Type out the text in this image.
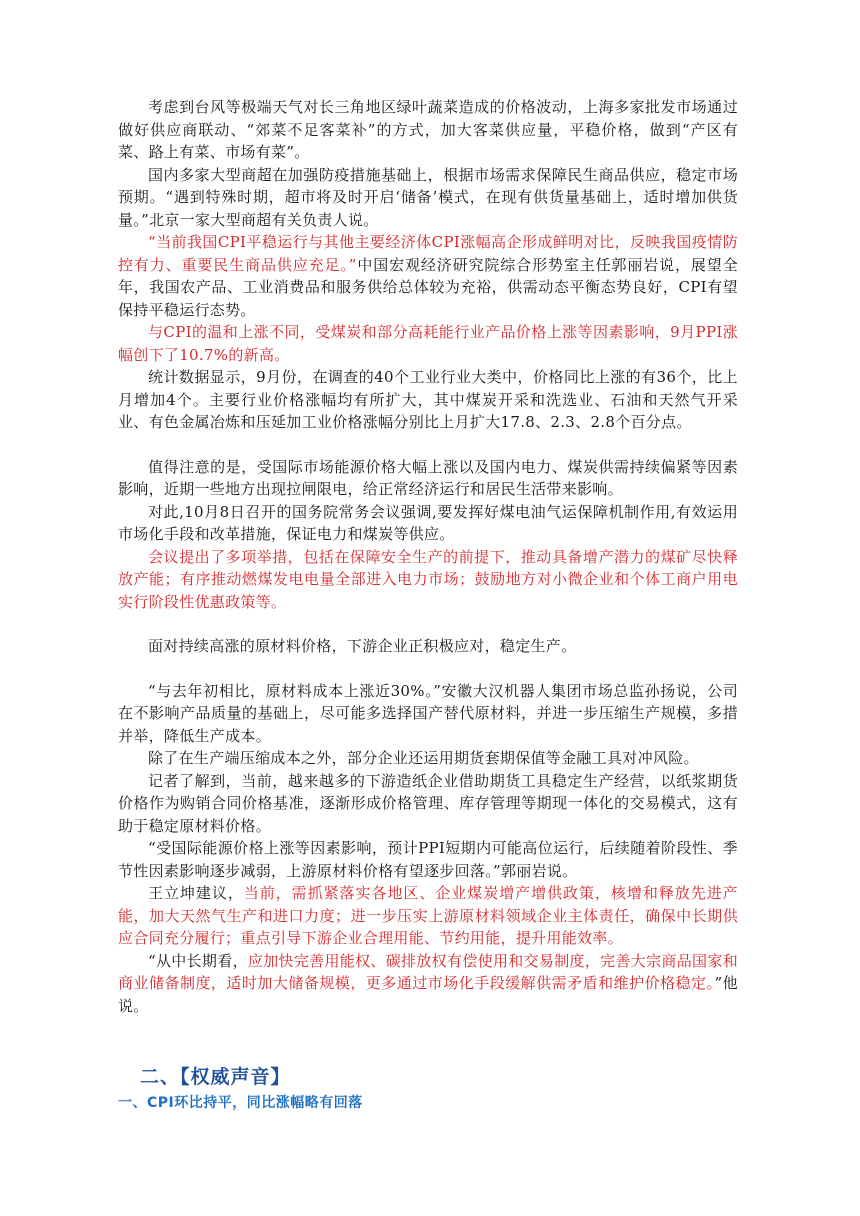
考虑到台风等极端天气对长三角地区绿叶蔬菜造成的价格波动，上海多家批发市场通过做好供应商联动、“郊菜不足客菜补”的方式，加大客菜供应量，平稳价格，做到“产区有菜、路上有菜、市场有菜”。

国内多家大型商超在加强防疫措施基础上，根据市场需求保障民生商品供应，稳定市场预期。“遇到特殊时期，超市将及时开启‘储备’模式，在现有供货量基础上，适时增加供货量。”北京一家大型商超有关负责人说。

“当前我国CPI平稳运行与其他主要经济体CPI涨幅高企形成鲜明对比，反映我国疫情防控有力、重要民生商品供应充足。”中国宏观经济研究院综合形势室主任郭丽岩说，展望全年，我国农产品、工业消费品和服务供给总体较为充裕，供需动态平衡态势良好，CPI有望保持平稳运行态势。

与CPI的温和上涨不同，受煤炭和部分高耗能行业产品价格上涨等因素影响，9月PPI涨幅创下了10.7%的新高。

统计数据显示，9月份，在调查的40个工业行业大类中，价格同比上涨的有36个，比上月增加4个。主要行业价格涨幅均有所扩大，其中煤炭开采和洗选业、石油和天然气开采业、有色金属冶炼和压延加工业价格涨幅分别比上月扩大17.8、2.3、2.8个百分点。

值得注意的是，受国际市场能源价格大幅上涨以及国内电力、煤炭供需持续偏紧等因素影响，近期一些地方出现拉闸限电，给正常经济运行和居民生活带来影响。

对此,10月8日召开的国务院常务会议强调,要发挥好煤电油气运保障机制作用,有效运用市场化手段和改革措施，保证电力和煤炭等供应。

会议提出了多项举措，包括在保障安全生产的前提下，推动具备增产潜力的煤矿尽快释放产能；有序推动燃煤发电电量全部进入电力市场；鼓励地方对小微企业和个体工商户用电实行阶段性优惠政策等。

面对持续高涨的原材料价格，下游企业正积极应对，稳定生产。

“与去年初相比，原材料成本上涨近30%。”安徽大汉机器人集团市场总监孙扬说，公司在不影响产品质量的基础上，尽可能多选择国产替代原材料，并进一步压缩生产规模，多措并举，降低生产成本。

除了在生产端压缩成本之外，部分企业还运用期货套期保值等金融工具对冲风险。

记者了解到，当前，越来越多的下游造纸企业借助期货工具稳定生产经营，以纸浆期货价格作为购销合同价格基准，逐渐形成价格管理、库存管理等期现一体化的交易模式，这有助于稳定原材料价格。

“受国际能源价格上涨等因素影响，预计PPI短期内可能高位运行，后续随着阶段性、季节性因素影响逐步减弱，上游原材料价格有望逐步回落。”郭丽岩说。

王立坤建议，当前，需抓紧落实各地区、企业煤炭增产增供政策，核增和释放先进产能，加大天然气生产和进口力度；进一步压实上游原材料领域企业主体责任，确保中长期供应合同充分履行；重点引导下游企业合理用能、节约用能，提升用能效率。

“从中长期看，应加快完善用能权、碳排放权有偿使用和交易制度，完善大宗商品国家和商业储备制度，适时加大储备规模，更多通过市场化手段缓解供需矛盾和维护价格稳定。”他说。

二、【权威声音】
一、CPI环比持平，同比涨幅略有回落
